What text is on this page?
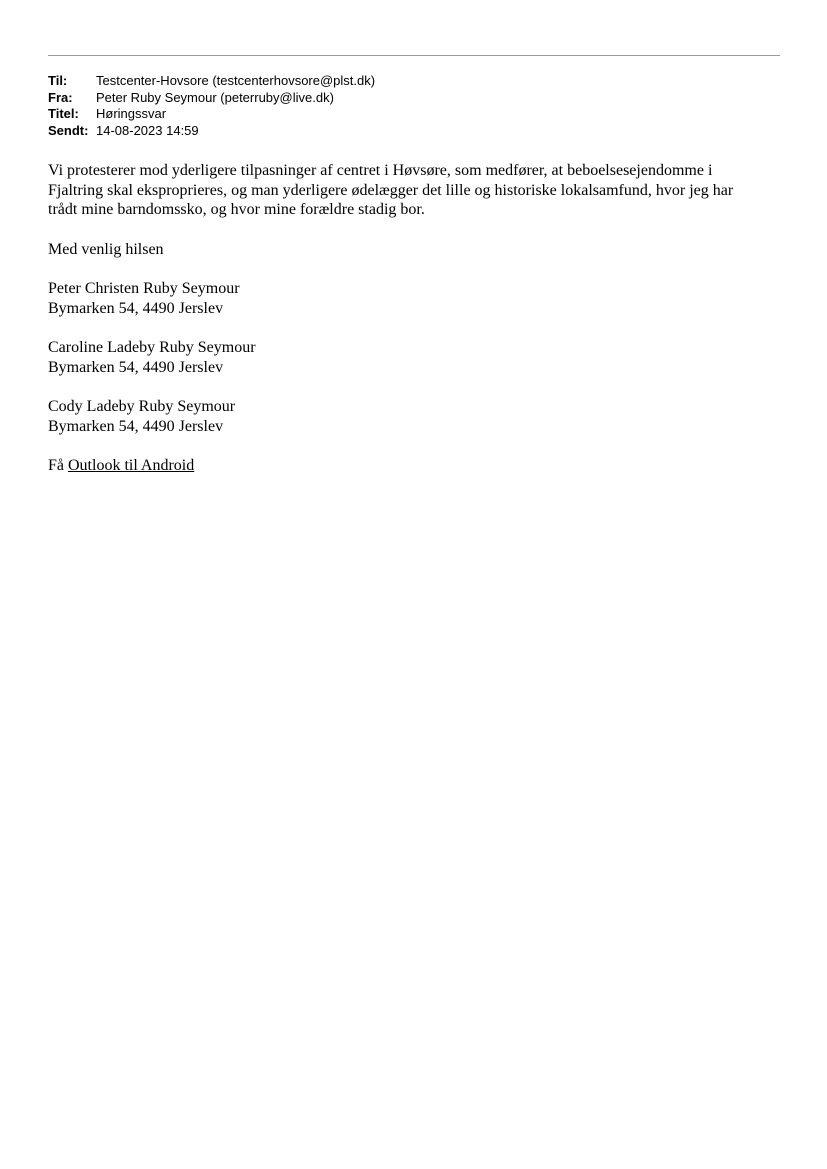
Til:	Testcenter-Hovsore (testcenterhovsore@plst.dk)
Fra:	Peter Ruby Seymour (peterruby@live.dk)
Titel:	Høringssvar
Sendt: 14-08-2023 14:59
Vi protesterer mod yderligere tilpasninger af centret i Høvsøre, som medfører, at beboelsesejendomme i
Fjaltring skal eksproprieres, og man yderligere ødelægger det lille og historiske lokalsamfund, hvor jeg har
trådt mine barndomssko, og hvor mine forældre stadig bor.
Med venlig hilsen
Peter Christen Ruby Seymour
Bymarken 54, 4490 Jerslev
Caroline Ladeby Ruby Seymour
Bymarken 54, 4490 Jerslev
Cody Ladeby Ruby Seymour
Bymarken 54, 4490 Jerslev
Få Outlook til Android
